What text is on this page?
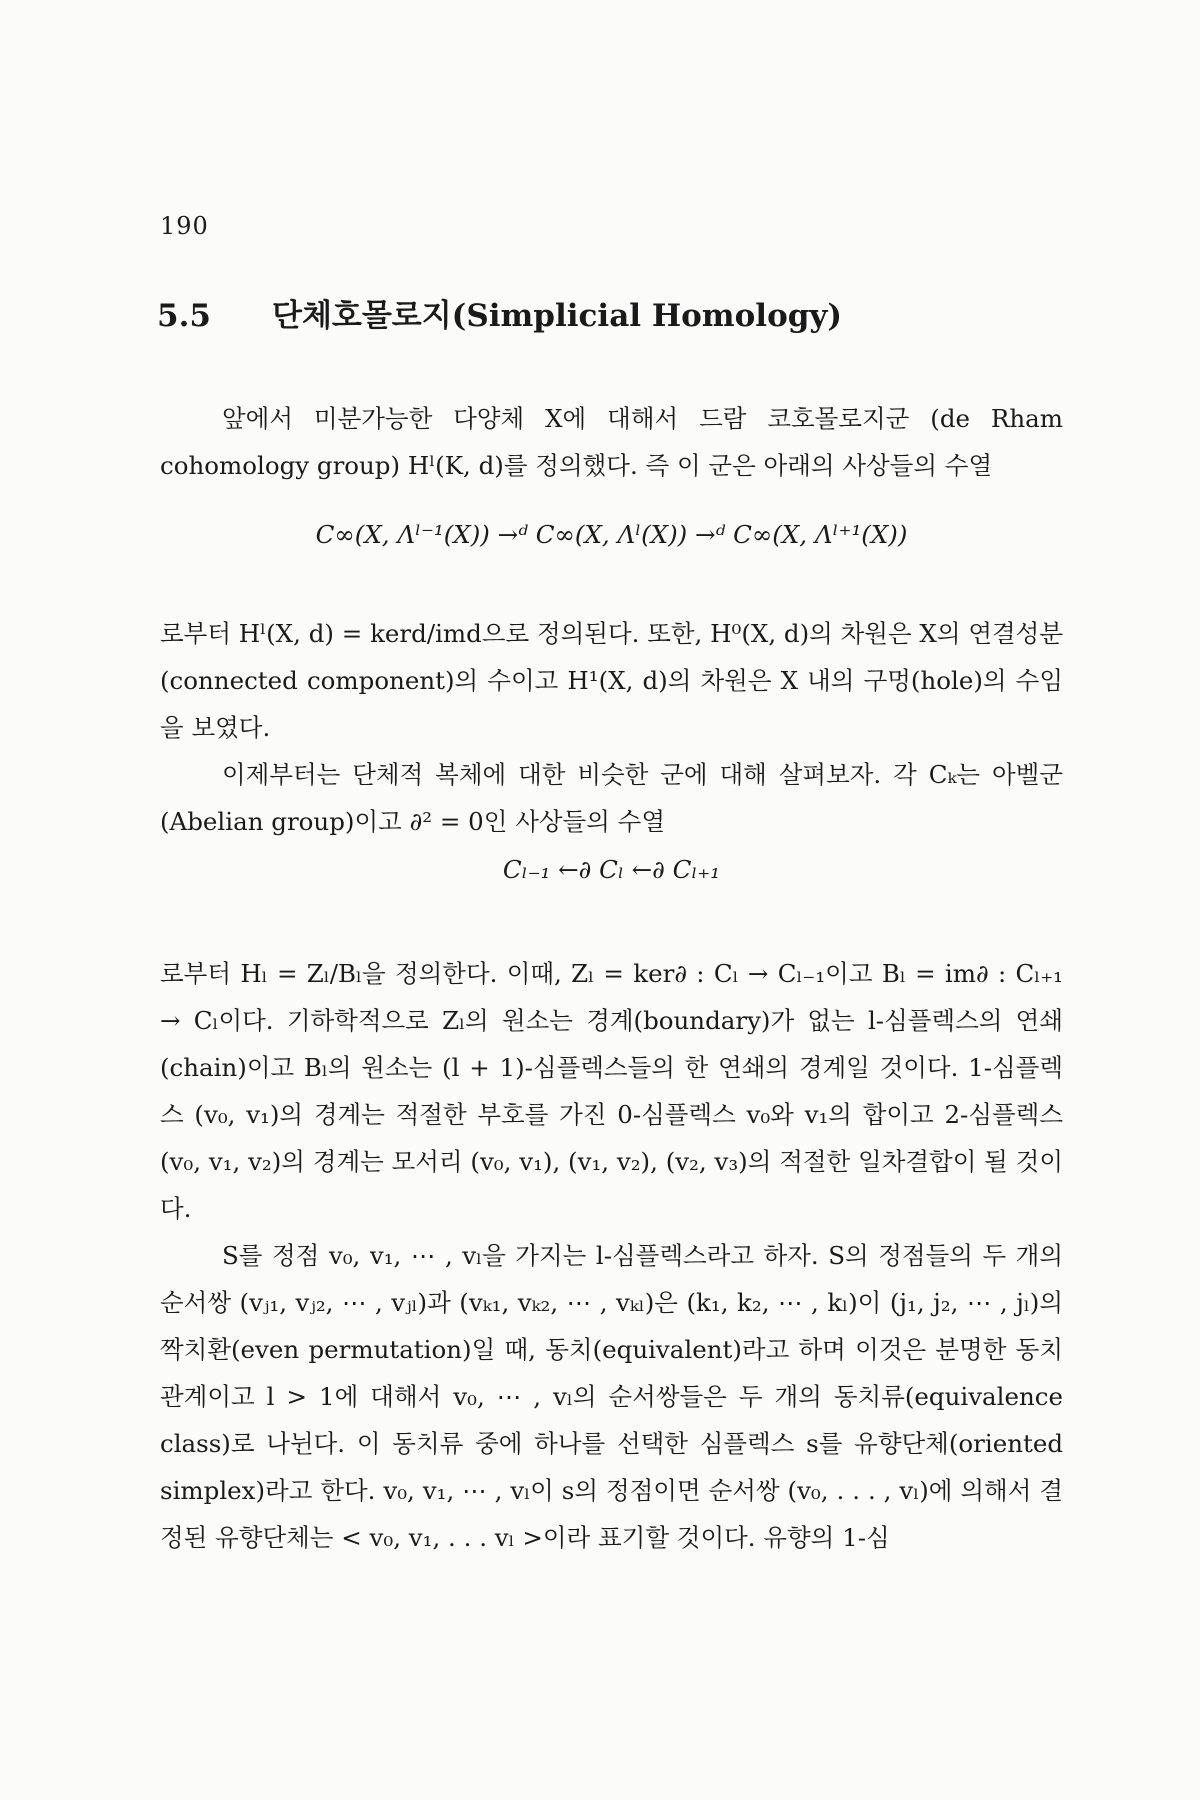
190
5.5 단체호몰로지(Simplicial Homology)

앞에서 미분가능한 다양체 X에 대해서 드람 코호몰로지군 (de Rham cohomology group) Hˡ(K, d)를 정의했다. 즉 이 군은 아래의 사상들의 수열

C∞(X, Λˡ⁻¹(X)) →ᵈ C∞(X, Λˡ(X)) →ᵈ C∞(X, Λˡ⁺¹(X))

로부터 Hˡ(X, d) = kerd/imd으로 정의된다. 또한, H⁰(X, d)의 차원은 X의 연결성분(connected component)의 수이고 H¹(X, d)의 차원은 X 내의 구멍(hole)의 수임을 보였다.

이제부터는 단체적 복체에 대한 비슷한 군에 대해 살펴보자. 각 Cₖ는 아벨군(Abelian group)이고 ∂² = 0인 사상들의 수열

Cₗ₋₁ ←∂ Cₗ ←∂ Cₗ₊₁

로부터 Hₗ = Zₗ/Bₗ을 정의한다. 이때, Zₗ = ker∂ : Cₗ → Cₗ₋₁이고 Bₗ = im∂ : Cₗ₊₁ → Cₗ이다. 기하학적으로 Zₗ의 원소는 경계(boundary)가 없는 l-심플렉스의 연쇄(chain)이고 Bₗ의 원소는 (l + 1)-심플렉스들의 한 연쇄의 경계일 것이다. 1-심플렉스 (v₀, v₁)의 경계는 적절한 부호를 가진 0-심플렉스 v₀와 v₁의 합이고 2-심플렉스 (v₀, v₁, v₂)의 경계는 모서리 (v₀, v₁), (v₁, v₂), (v₂, v₃)의 적절한 일차결합이 될 것이다.

S를 정점 v₀, v₁, ⋯ , vₗ을 가지는 l-심플렉스라고 하자. S의 정점들의 두 개의 순서쌍 (vⱼ₁, vⱼ₂, ⋯ , vⱼₗ)과 (vₖ₁, vₖ₂, ⋯ , vₖₗ)은 (k₁, k₂, ⋯ , kₗ)이 (j₁, j₂, ⋯ , jₗ)의 짝치환(even permutation)일 때, 동치(equivalent)라고 하며 이것은 분명한 동치관계이고 l > 1에 대해서 v₀, ⋯ , vₗ의 순서쌍들은 두 개의 동치류(equivalence class)로 나뉜다. 이 동치류 중에 하나를 선택한 심플렉스 s를 유향단체(oriented simplex)라고 한다. v₀, v₁, ⋯ , vₗ이 s의 정점이면 순서쌍 (v₀, . . . , vₗ)에 의해서 결정된 유향단체는 < v₀, v₁, . . . vₗ >이라 표기할 것이다. 유향의 1-심
